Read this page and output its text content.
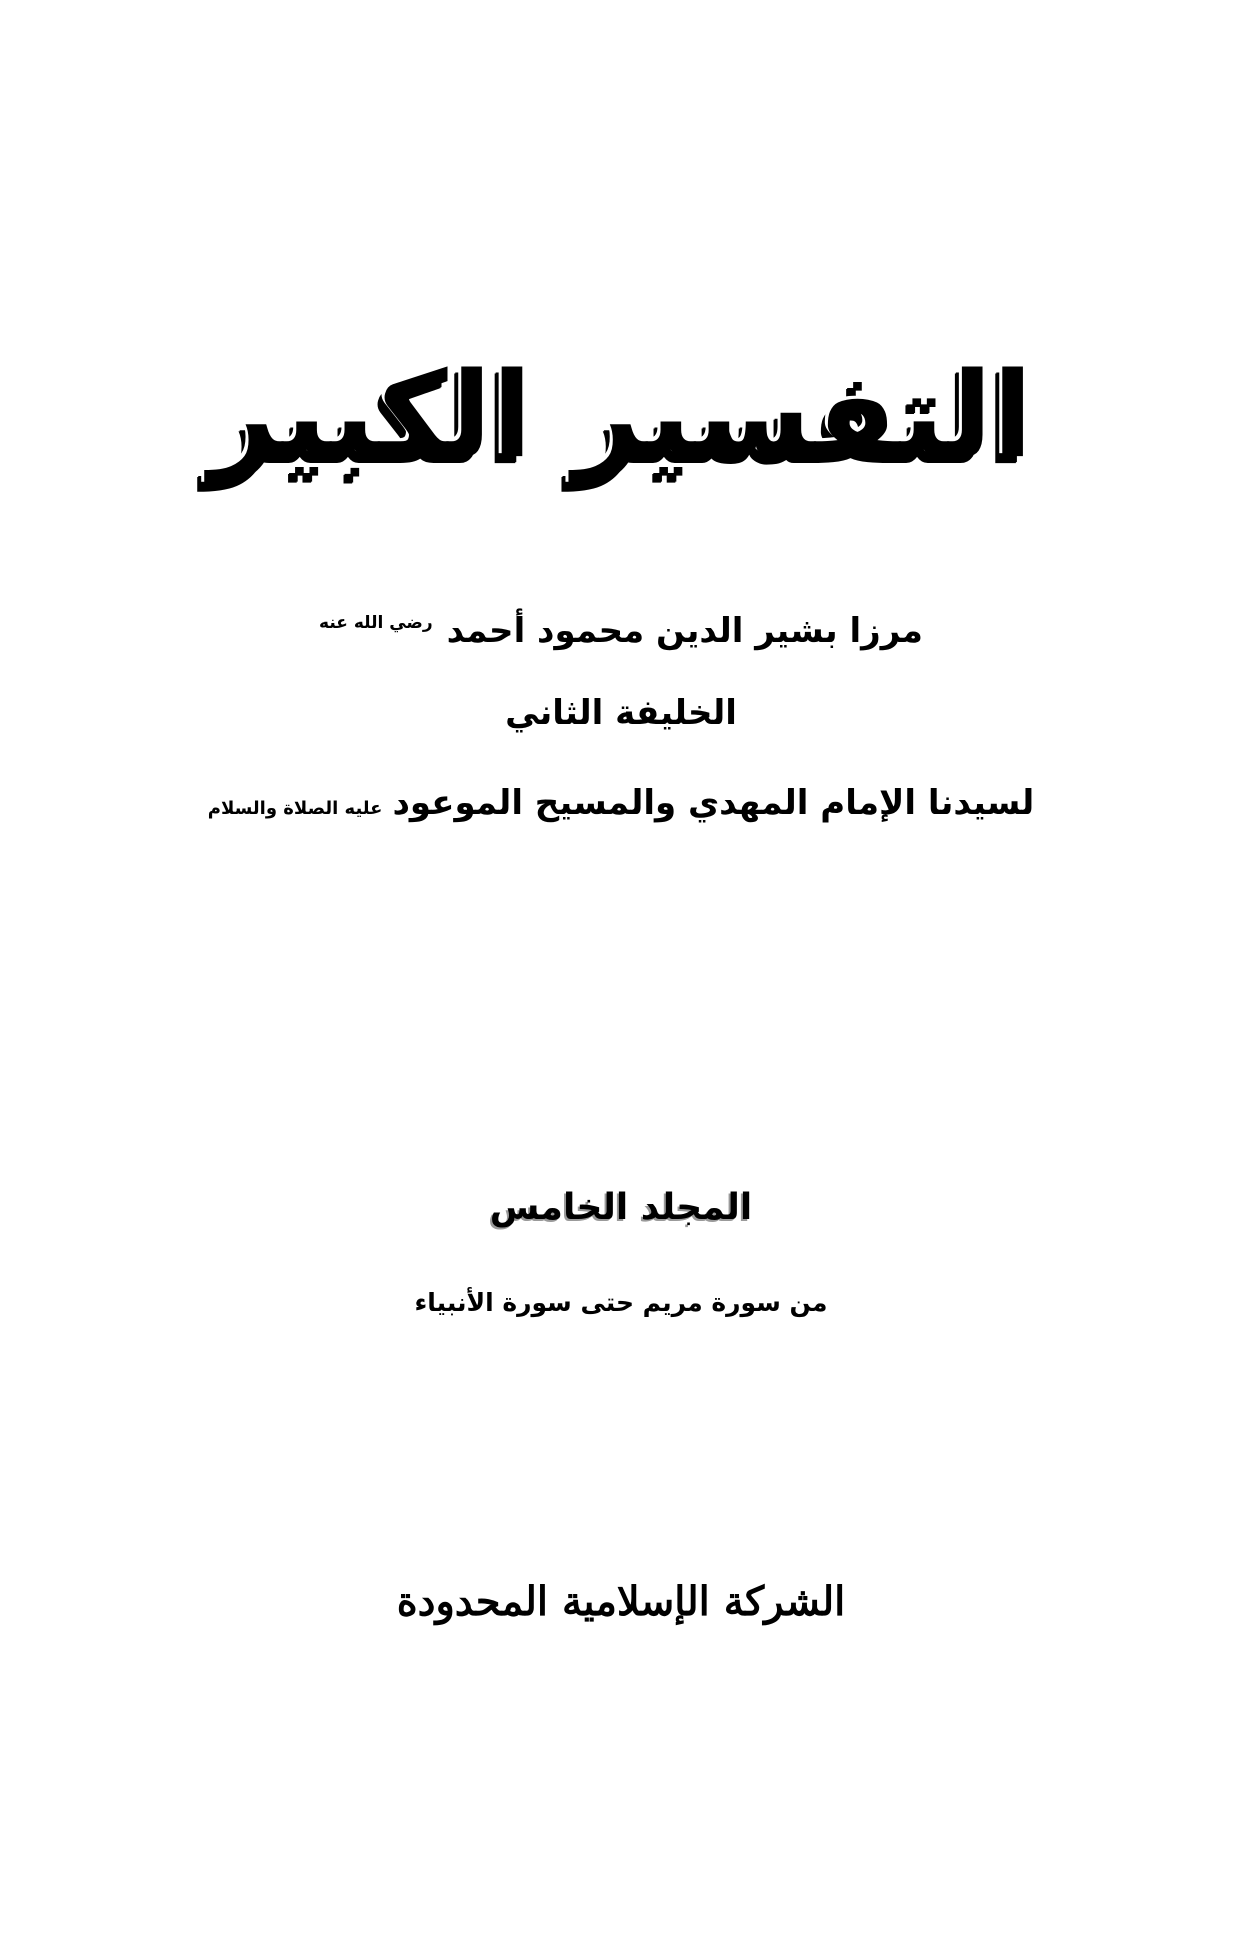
التفسير الكبير
مرزا بشير الدين محمود أحمد$^{رضي الله عنه}$
الخليفة الثاني
لسيدنا الإمام المهدي والمسيح الموعودعليه الصلاة والسلام
المجلد الخامس
من سورة مريم حتى سورة الأنبياء
الشركة الإسلامية المحدودة
